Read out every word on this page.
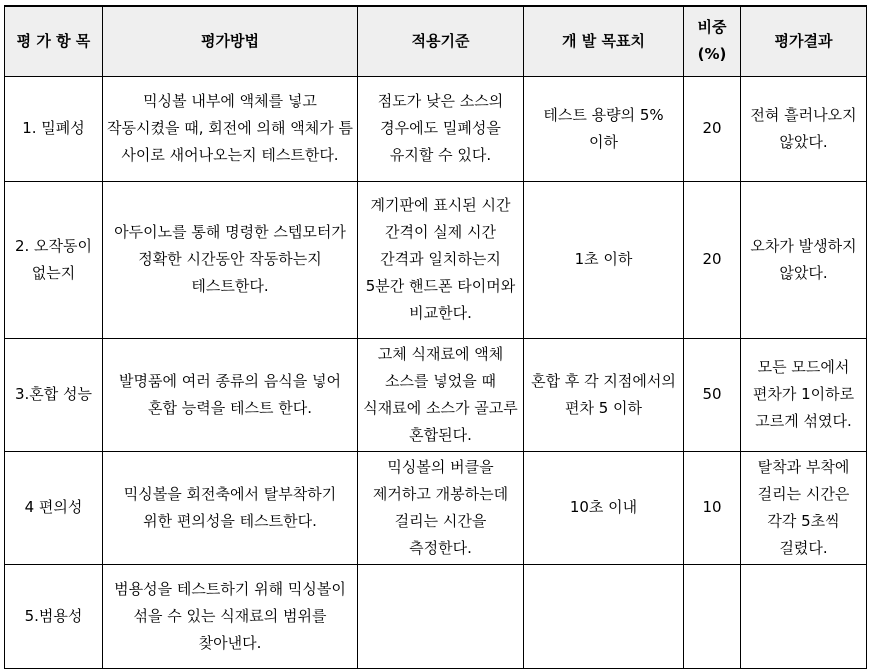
평 가 항 목	평가방법	적용기준	개 발 목표치	비중 (%)	평가결과

1. 밀폐성	믹싱볼 내부에 액체를 넣고 작동시켰을 때, 회전에 의해 액체가 틈 사이로 새어나오는지 테스트한다.	점도가 낮은 소스의 경우에도 밀폐성을 유지할 수 있다.	테스트 용량의 5% 이하	20	전혀 흘러나오지 않았다.
2. 오작동이 없는지	아두이노를 통해 명령한 스텝모터가 정확한 시간동안 작동하는지 테스트한다.	계기판에 표시된 시간 간격이 실제 시간 간격과 일치하는지 5분간 핸드폰 타이머와 비교한다.	1초 이하	20	오차가 발생하지 않았다.
3.혼합 성능	발명품에 여러 종류의 음식을 넣어 혼합 능력을 테스트 한다.	고체 식재료에 액체 소스를 넣었을 때 식재료에 소스가 골고루 혼합된다.	혼합 후 각 지점에서의 편차 5 이하	50	모든 모드에서 편차가 1이하로 고르게 섞였다.
4 편의성	믹싱볼을 회전축에서 탈부착하기 위한 편의성을 테스트한다.	믹싱볼의 버클을 제거하고 개봉하는데 걸리는 시간을 측정한다.	10초 이내	10	탈착과 부착에 걸리는 시간은 각각 5초씩 걸렸다.
5.범용성	범용성을 테스트하기 위해 믹싱볼이 섞을 수 있는 식재료의 범위를 찾아낸다.				
